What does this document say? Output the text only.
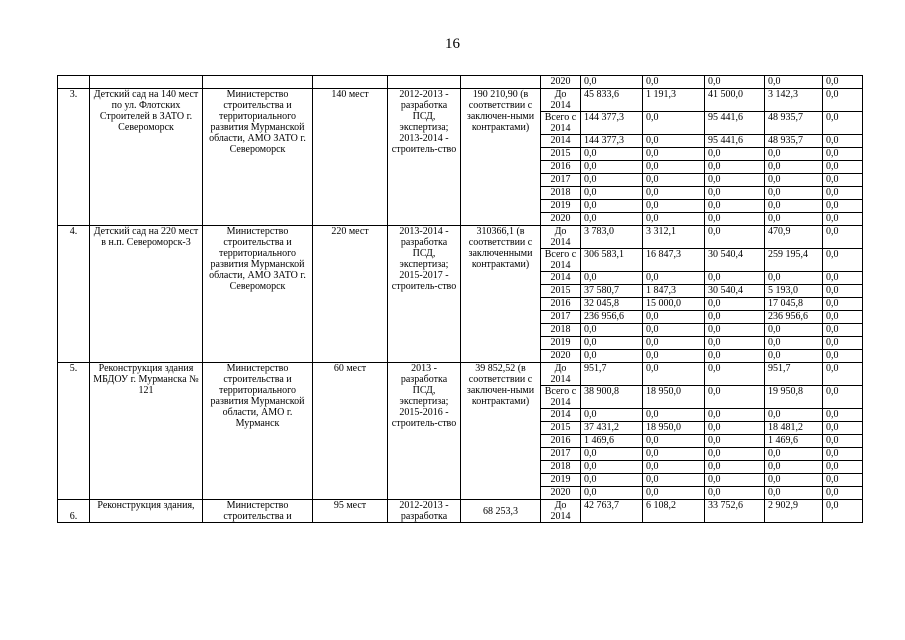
16
						2020	0,0	0,0	0,0	0,0	0,0
3.	Детский сад на 140 мест по ул. Флотских Строителей в ЗАТО г. Североморск	Министерство строительства и территориального развития Мурманской области, АМО ЗАТО г. Североморск	140 мест	2012-2013 - разработка ПСД, экспертиза; 2013-2014 - строитель-ство	190 210,90 (в соответствии с заключен-ными контрактами)	До 2014	45 833,6	1 191,3	41 500,0	3 142,3	0,0
						Всего с 2014	144 377,3	0,0	95 441,6	48 935,7	0,0
						2014	144 377,3	0,0	95 441,6	48 935,7	0,0
						2015	0,0	0,0	0,0	0,0	0,0
						2016	0,0	0,0	0,0	0,0	0,0
						2017	0,0	0,0	0,0	0,0	0,0
						2018	0,0	0,0	0,0	0,0	0,0
						2019	0,0	0,0	0,0	0,0	0,0
						2020	0,0	0,0	0,0	0,0	0,0
4.	Детский сад на 220 мест в н.п. Североморск-3	Министерство строительства и территориального развития Мурманской области, АМО ЗАТО г. Североморск	220 мест	2013-2014 - разработка ПСД, экспертиза; 2015-2017 - строитель-ство	310366,1 (в соответствии с заключенными контрактами)	До 2014	3 783,0	3 312,1	0,0	470,9	0,0
						Всего с 2014	306 583,1	16 847,3	30 540,4	259 195,4	0,0
						2014	0,0	0,0	0,0	0,0	0,0
						2015	37 580,7	1 847,3	30 540,4	5 193,0	0,0
						2016	32 045,8	15 000,0	0,0	17 045,8	0,0
						2017	236 956,6	0,0	0,0	236 956,6	0,0
						2018	0,0	0,0	0,0	0,0	0,0
						2019	0,0	0,0	0,0	0,0	0,0
						2020	0,0	0,0	0,0	0,0	0,0
5.	Реконструкция здания МБДОУ г. Мурманска № 121	Министерство строительства и территориального развития Мурманской области, АМО г. Мурманск	60 мест	2013 - разработка ПСД, экспертиза; 2015-2016 - строитель-ство	39 852,52 (в соответствии с заключен-ными контрактами)	До 2014	951,7	0,0	0,0	951,7	0,0
						Всего с 2014	38 900,8	18 950,0	0,0	19 950,8	0,0
						2014	0,0	0,0	0,0	0,0	0,0
						2015	37 431,2	18 950,0	0,0	18 481,2	0,0
						2016	1 469,6	0,0	0,0	1 469,6	0,0
						2017	0,0	0,0	0,0	0,0	0,0
						2018	0,0	0,0	0,0	0,0	0,0
						2019	0,0	0,0	0,0	0,0	0,0
						2020	0,0	0,0	0,0	0,0	0,0
6.	Реконструкция здания,	Министерство строительства и	95 мест	2012-2013 - разработка	68 253,3	До 2014	42 763,7	6 108,2	33 752,6	2 902,9	0,0
